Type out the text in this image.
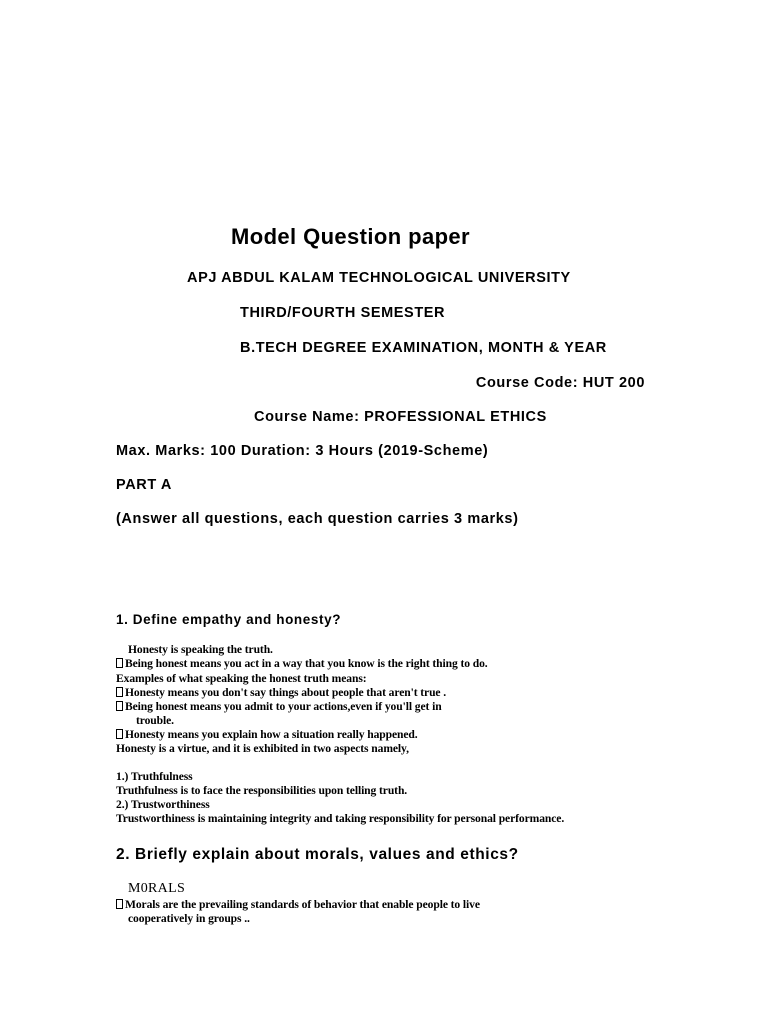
Model Question paper
APJ ABDUL KALAM TECHNOLOGICAL UNIVERSITY
THIRD/FOURTH SEMESTER
B.TECH DEGREE EXAMINATION, MONTH & YEAR
Course Code: HUT 200
Course Name: PROFESSIONAL ETHICS
Max. Marks: 100 Duration: 3 Hours (2019-Scheme)
PART A
(Answer all questions, each question carries 3 marks)
1. Define empathy and honesty?
Honesty is speaking the truth.
Being honest means you act in a way that you know is the right thing to do.
Examples of what speaking the honest truth means:
Honesty means you don't say things about people that aren't true .
Being honest means you admit to your actions,even if you'll get in
trouble.
Honesty means you explain how a situation really happened.
Honesty is a virtue, and it is exhibited in two aspects namely,
1.) Truthfulness
Truthfulness is to face the responsibilities upon telling truth.
2.) Trustworthiness
Trustworthiness is maintaining integrity and taking responsibility for personal performance.
2. Briefly explain about morals, values and ethics?
M0RALS
Morals are the prevailing standards of behavior that enable people to live
cooperatively in groups ..
